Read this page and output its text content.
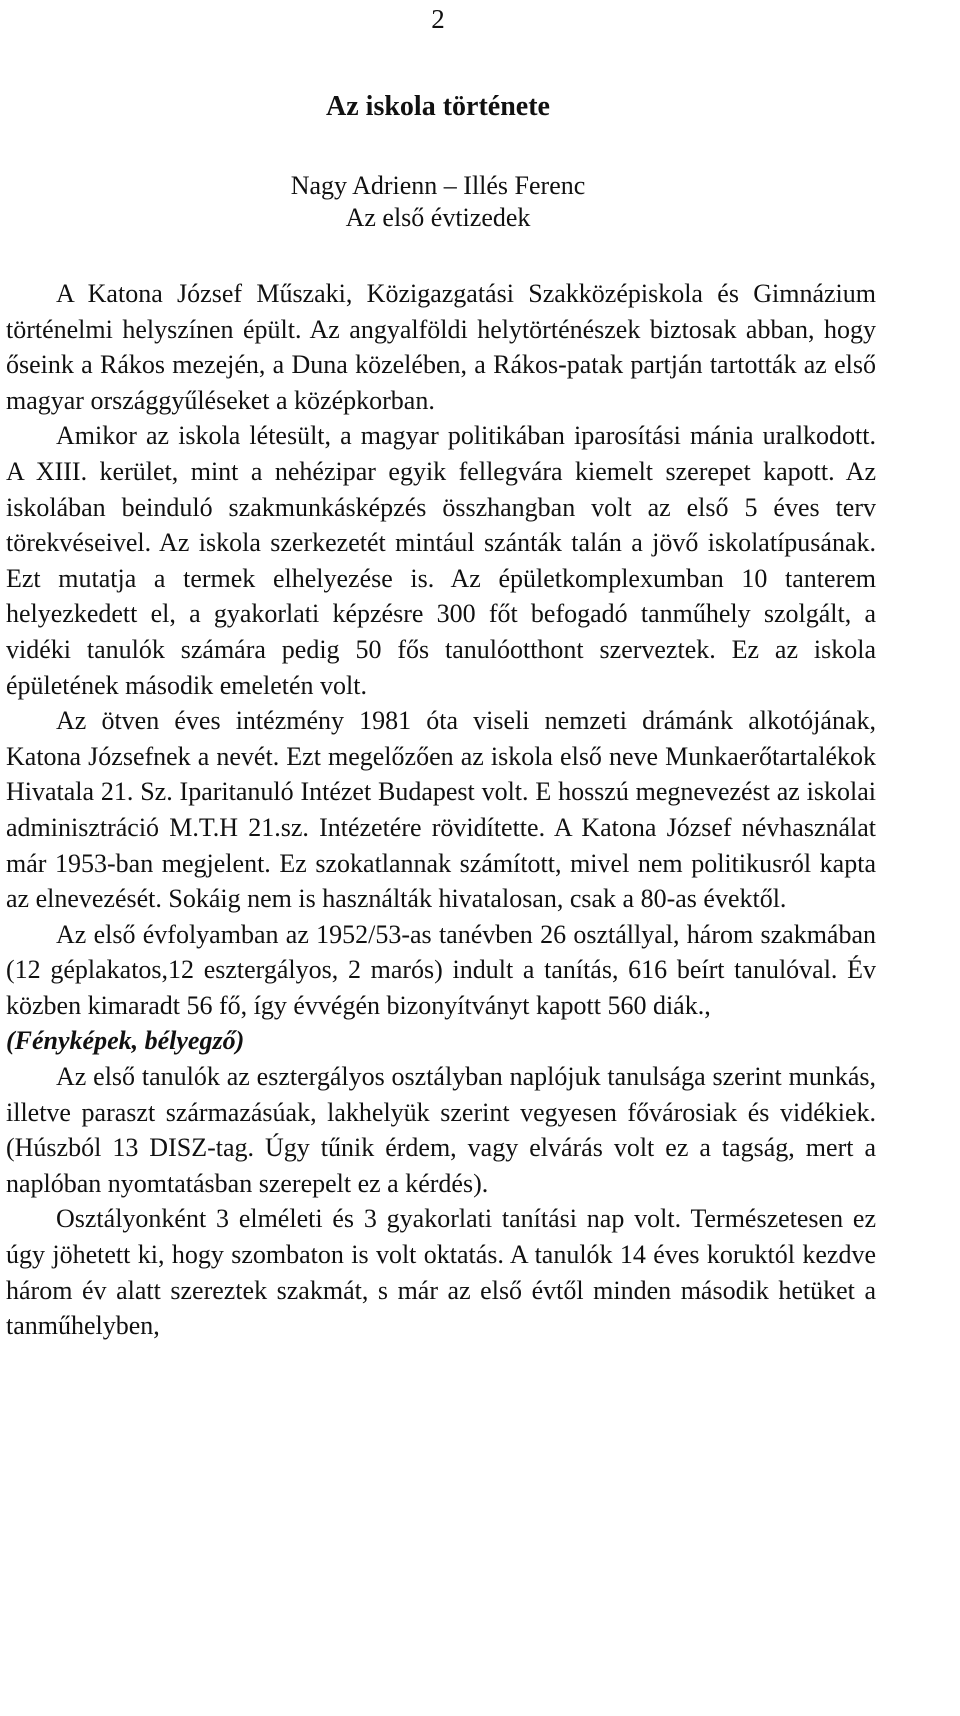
2
Az iskola története
Nagy Adrienn – Illés Ferenc
Az első évtizedek

A Katona József Műszaki, Közigazgatási Szakközépiskola és Gimnázium történelmi helyszínen épült. Az angyalföldi helytörténészek biztosak abban, hogy őseink a Rákos mezején, a Duna közelében, a Rákos-patak partján tartották az első magyar országgyűléseket a középkorban.

Amikor az iskola létesült, a magyar politikában iparosítási mánia uralkodott. A XIII. kerület, mint a nehézipar egyik fellegvára kiemelt szerepet kapott. Az iskolában beinduló szakmunkásképzés összhangban volt az első 5 éves terv törekvéseivel. Az iskola szerkezetét mintául szánták talán a jövő iskolatípusának. Ezt mutatja a termek elhelyezése is. Az épületkomplexumban 10 tanterem helyezkedett el, a gyakorlati képzésre 300 főt befogadó tanműhely szolgált, a vidéki tanulók számára pedig 50 fős tanulóotthont szerveztek. Ez az iskola épületének második emeletén volt.

Az ötven éves intézmény 1981 óta viseli nemzeti drámánk alkotójának, Katona Józsefnek a nevét. Ezt megelőzően az iskola első neve Munkaerőtartalékok Hivatala 21. Sz. Iparitanuló Intézet Budapest volt. E hosszú megnevezést az iskolai adminisztráció M.T.H 21.sz. Intézetére rövidítette. A Katona József névhasználat már 1953-ban megjelent. Ez szokatlannak számított, mivel nem politikusról kapta az elnevezését. Sokáig nem is használták hivatalosan, csak a 80-as évektől.

Az első évfolyamban az 1952/53-as tanévben 26 osztállyal, három szakmában (12 géplakatos,12 esztergályos, 2 marós) indult a tanítás, 616 beírt tanulóval. Év közben kimaradt 56 fő, így évvégén bizonyítványt kapott 560 diák.,

(Fényképek, bélyegző)

Az első tanulók az esztergályos osztályban naplójuk tanulsága szerint munkás, illetve paraszt származásúak, lakhelyük szerint vegyesen fővárosiak és vidékiek. (Húszból 13 DISZ-tag. Úgy tűnik érdem, vagy elvárás volt ez a tagság, mert a naplóban nyomtatásban szerepelt ez a kérdés).

Osztályonként 3 elméleti és 3 gyakorlati tanítási nap volt. Természetesen ez úgy jöhetett ki, hogy szombaton is volt oktatás. A tanulók 14 éves koruktól kezdve három év alatt szereztek szakmát, s már az első évtől minden második hetüket a tanműhelyben,
